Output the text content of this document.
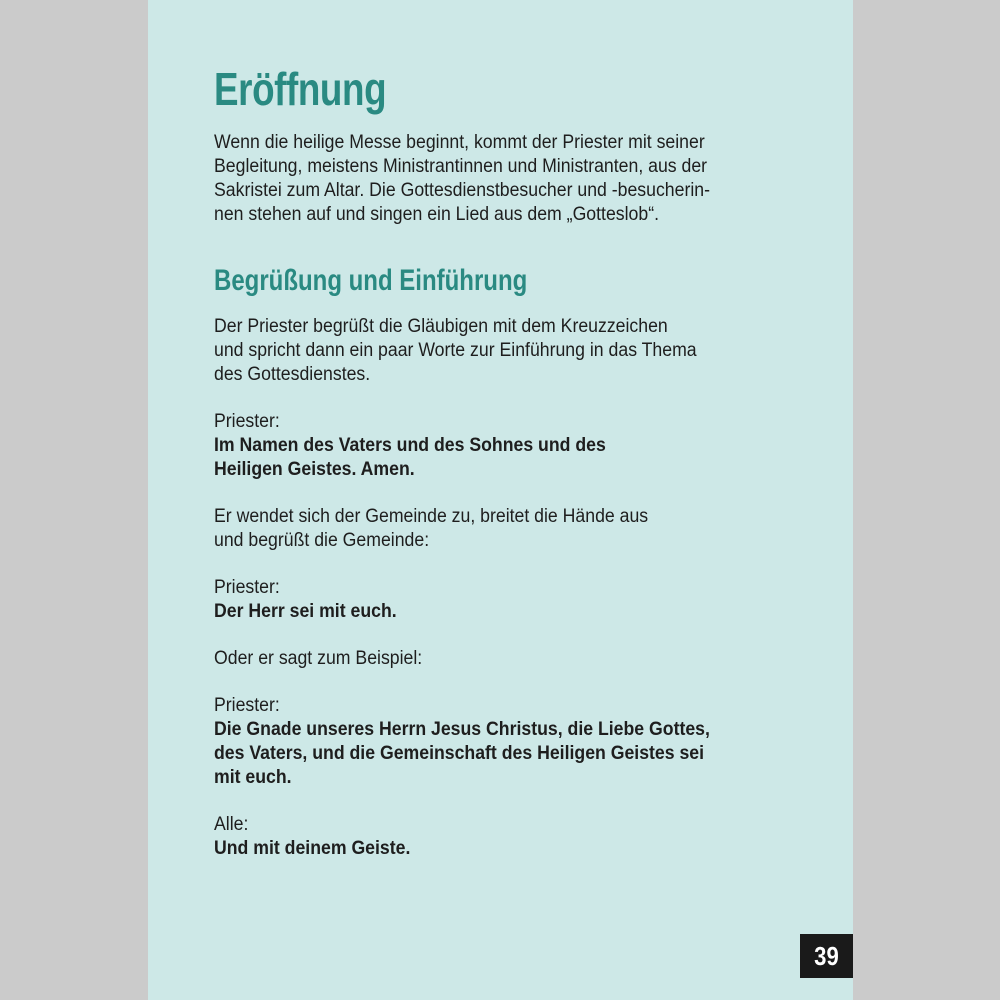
Eröffnung

Wenn die heilige Messe beginnt, kommt der Priester mit seiner
Begleitung, meistens Ministrantinnen und Ministranten, aus der
Sakristei zum Altar. Die Gottesdienstbesucher und -besucherin-
nen stehen auf und singen ein Lied aus dem „Gotteslob“.

Begrüßung und Einführung

Der Priester begrüßt die Gläubigen mit dem Kreuzzeichen
und spricht dann ein paar Worte zur Einführung in das Thema
des Gottesdienstes.

Priester:
Im Namen des Vaters und des Sohnes und des
Heiligen Geistes. Amen.

Er wendet sich der Gemeinde zu, breitet die Hände aus
und begrüßt die Gemeinde:

Priester:
Der Herr sei mit euch.

Oder er sagt zum Beispiel:

Priester:
Die Gnade unseres Herrn Jesus Christus, die Liebe Gottes,
des Vaters, und die Gemeinschaft des Heiligen Geistes sei
mit euch.

Alle:
Und mit deinem Geiste.

39
